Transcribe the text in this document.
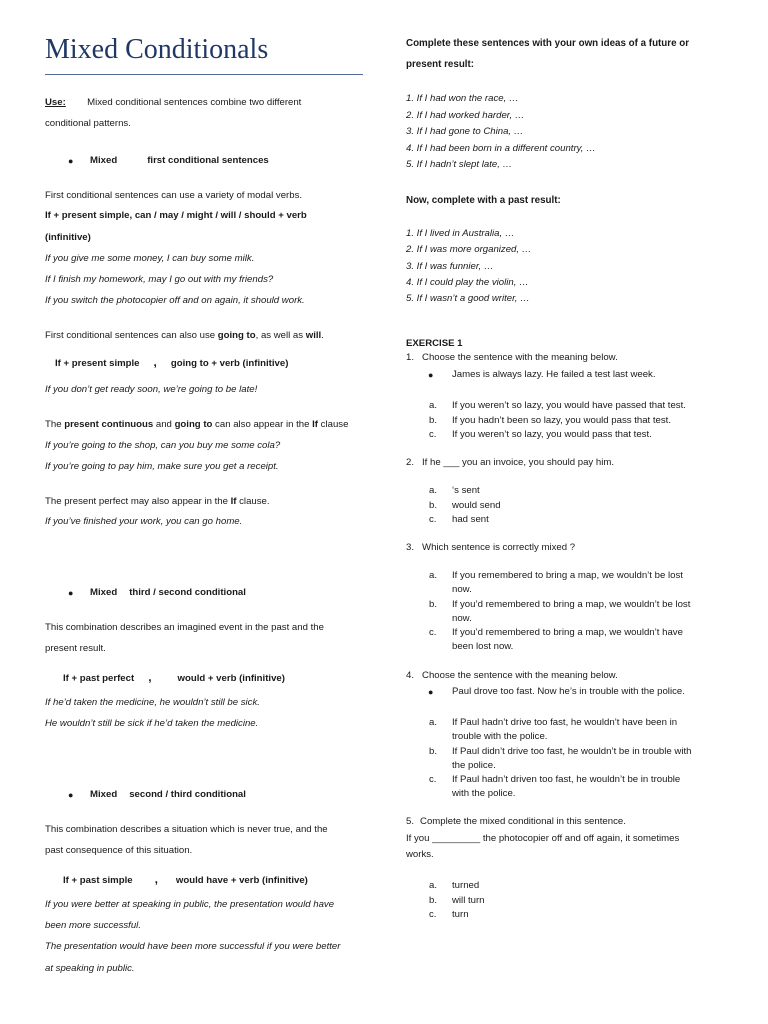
Mixed Conditionals

Use: Mixed conditional sentences combine two different

conditional patterns.

● Mixed	first conditional sentences

First conditional sentences can use a variety of modal verbs.

If + present simple, can / may / might / will / should + verb

(infinitive)

If you give me some money, I can buy some milk.

If I finish my homework, may I go out with my friends?

If you switch the photocopier off and on again, it should work.

First conditional sentences can also use going to, as well as will.

If + present simple , going to + verb (infinitive)

If you don’t get ready soon, we’re going to be late!

The present continuous and going to can also appear in the If clause

If you’re going to the shop, can you buy me some cola?

If you’re going to pay him, make sure you get a receipt.

The present perfect may also appear in the If clause.

If you’ve finished your work, you can go home.

● Mixed third / second conditional

This combination describes an imagined event in the past and the

present result.

If + past perfect ,	would + verb (infinitive)

If he’d taken the medicine, he wouldn’t still be sick.

He wouldn’t still be sick if he’d taken the medicine.

● Mixed second / third conditional

This combination describes a situation which is never true, and the

past consequence of this situation.

If + past simple , would have + verb (infinitive)

If you were better at speaking in public, the presentation would have

been more successful.

The presentation would have been more successful if you were better

at speaking in public.

Complete these sentences with your own ideas of a future or

present result:

1. If I had won the race, …

2. If I had worked harder, …

3. If I had gone to China, …

4. If I had been born in a different country, …

5. If I hadn’t slept late, …

Now, complete with a past result:

1. If I lived in Australia, …

2. If I was more organized, …

3. If I was funnier, …

4. If I could play the violin, …

5. If I wasn’t a good writer, …

EXERCISE 1

1. Choose the sentence with the meaning below.

● James is always lazy. He failed a test last week.

a. If you weren’t so lazy, you would have passed that test.

b. If you hadn’t been so lazy, you would pass that test.

c. If you weren’t so lazy, you would pass that test.

2. If he ___ you an invoice, you should pay him.

a. ‘s sent

b. would send

c. had sent

3. Which sentence is correctly mixed ?

a. If you remembered to bring a map, we wouldn’t be lost

now.

b. If you’d remembered to bring a map, we wouldn’t be lost

now.

c. If you’d remembered to bring a map, we wouldn’t have

been lost now.

4. Choose the sentence with the meaning below.

● Paul drove too fast. Now he’s in trouble with the police.

a. If Paul hadn’t drive too fast, he wouldn’t have been in

trouble with the police.

b. If Paul didn’t drive too fast, he wouldn’t be in trouble with

the police.

c. If Paul hadn’t driven too fast, he wouldn’t be in trouble

with the police.

5. Complete the mixed conditional in this sentence.

If you _________ the photocopier off and off again, it sometimes

works.

a. turned

b. will turn

c. turn
